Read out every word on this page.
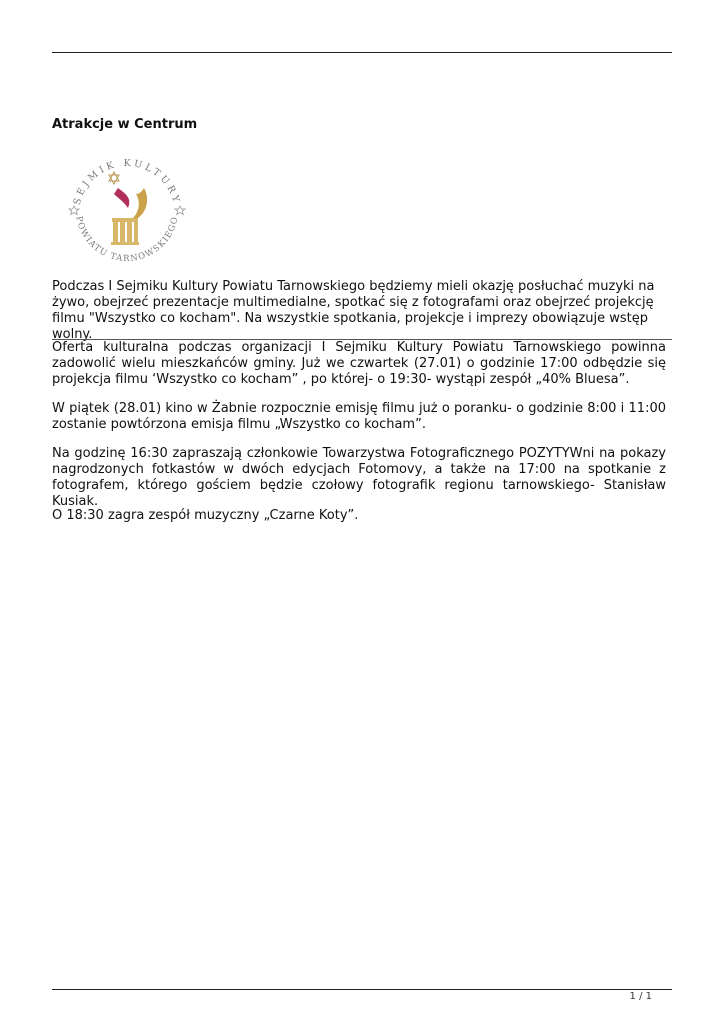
Atrakcje w Centrum
SEJMIK KULTURY
POWIATU TARNOWSKIEGO

Podczas I Sejmiku Kultury Powiatu Tarnowskiego będziemy mieli okazję posłuchać muzyki na żywo, obejrzeć prezentacje multimedialne, spotkać się z fotografami oraz obejrzeć projekcję filmu "Wszystko co kocham". Na wszystkie spotkania, projekcje i imprezy obowiązuje wstęp wolny.

Oferta kulturalna podczas organizacji I Sejmiku Kultury Powiatu Tarnowskiego powinna zadowolić wielu mieszkańców gminy. Już we czwartek (27.01) o godzinie 17:00 odbędzie się projekcja filmu ‘Wszystko co kocham” , po której- o 19:30- wystąpi zespół „40% Bluesa”.

W piątek (28.01) kino w Żabnie rozpocznie emisję filmu już o poranku- o godzinie 8:00 i 11:00 zostanie powtórzona emisja filmu „Wszystko co kocham”.

Na godzinę 16:30 zapraszają członkowie Towarzystwa Fotograficznego POZYTYWni na pokazy nagrodzonych fotkastów w dwóch edycjach Fotomovy, a także na 17:00 na spotkanie z fotografem, którego gościem będzie czołowy fotografik regionu tarnowskiego- Stanisław Kusiak.

O 18:30 zagra zespół muzyczny „Czarne Koty”.

1 / 1
